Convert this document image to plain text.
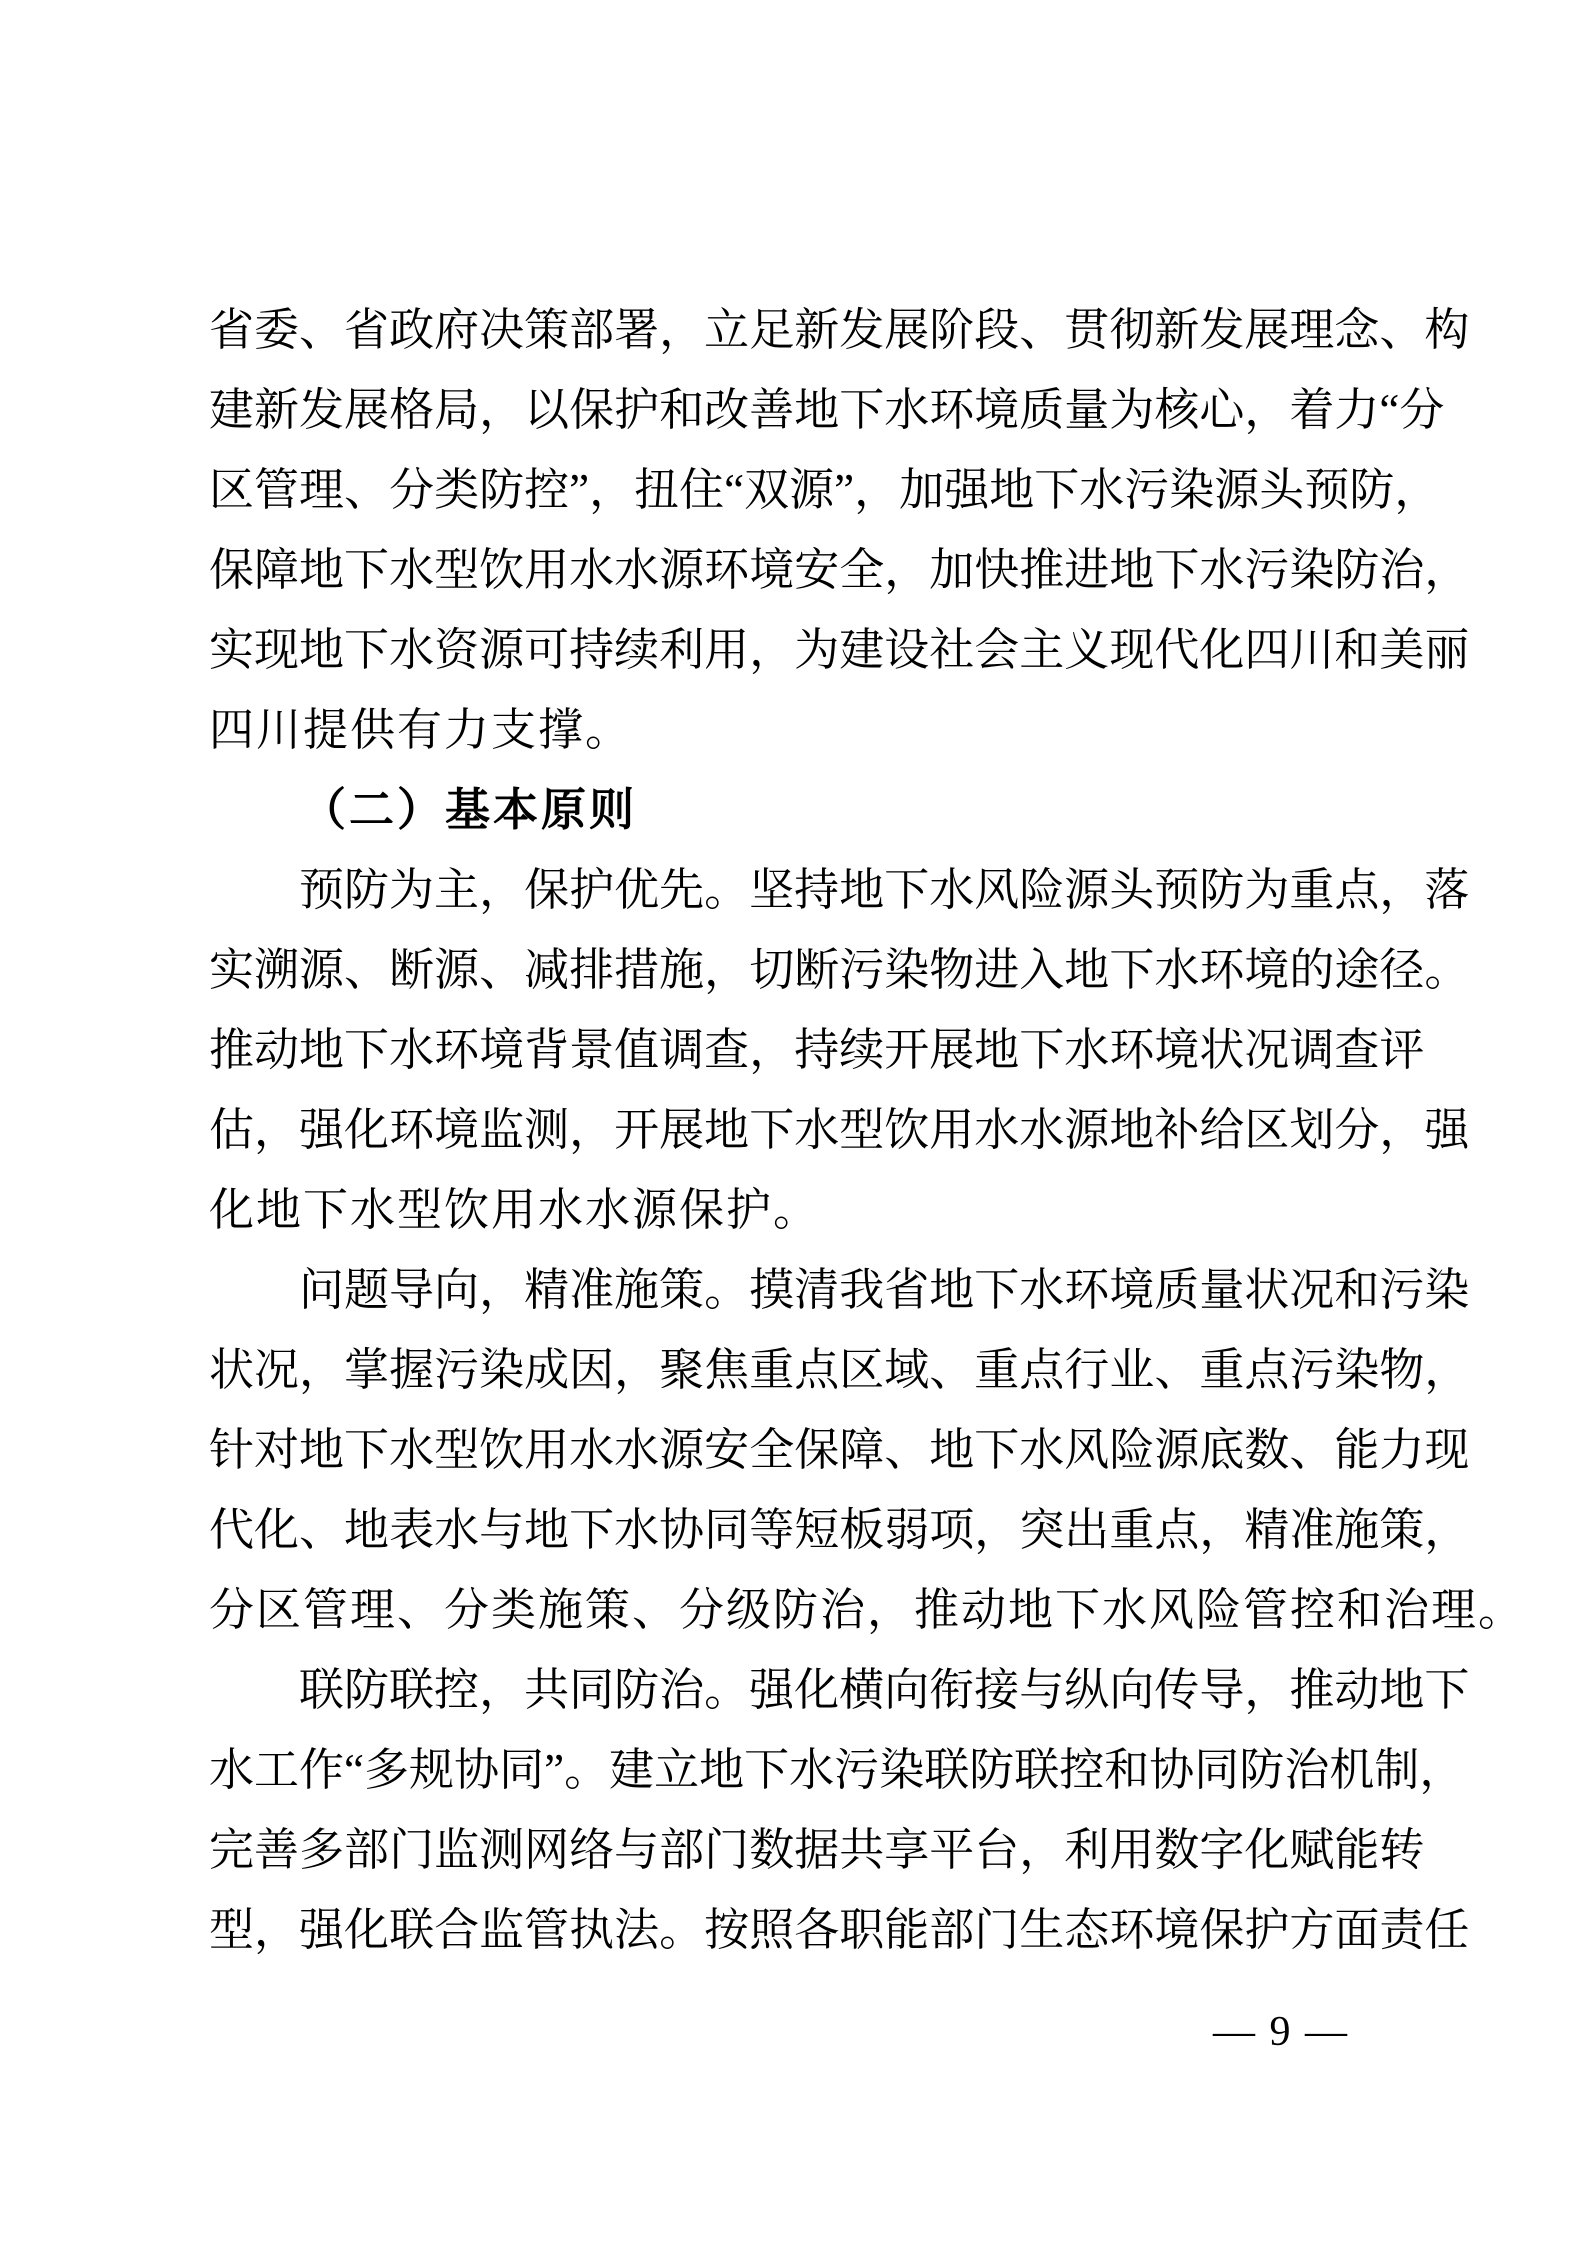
省 委 、 省 政 府 决 策 部 署 ， 立 足 新 发 展 阶 段 、 贯 彻 新 发 展 理 念 、 构
建 新 发 展 格 局 ， 以 保 护 和 改 善 地 下 水 环 境 质 量 为 核 心 ， 着 力 “ 分
区 管 理 、 分 类 防 控 ” ， 扭 住 “ 双 源 ” ， 加 强 地 下 水 污 染 源 头 预 防 ，
保 障 地 下 水 型 饮 用 水 水 源 环 境 安 全 ， 加 快 推 进 地 下 水 污 染 防 治 ，
实 现 地 下 水 资 源 可 持 续 利 用 ， 为 建 设 社 会 主 义 现 代 化 四 川 和 美 丽
四川提供有力支撑。
（二）基本原则
预 防 为 主 ， 保 护 优 先 。 坚 持 地 下 水 风 险 源 头 预 防 为 重 点 ， 落
实 溯 源 、 断 源 、 减 排 措 施 ， 切 断 污 染 物 进 入 地 下 水 环 境 的 途 径 。
推 动 地 下 水 环 境 背 景 值 调 查 ， 持 续 开 展 地 下 水 环 境 状 况 调 查 评
估 ， 强 化 环 境 监 测 ， 开 展 地 下 水 型 饮 用 水 水 源 地 补 给 区 划 分 ， 强
化地下水型饮用水水源保护。
问 题 导 向 ， 精 准 施 策 。 摸 清 我 省 地 下 水 环 境 质 量 状 况 和 污 染
状 况 ， 掌 握 污 染 成 因 ， 聚 焦 重 点 区 域 、 重 点 行 业 、 重 点 污 染 物 ，
针 对 地 下 水 型 饮 用 水 水 源 安 全 保 障 、 地 下 水 风 险 源 底 数 、 能 力 现
代 化 、 地 表 水 与 地 下 水 协 同 等 短 板 弱 项 ， 突 出 重 点 ， 精 准 施 策 ，
分区管理、分类施策、分级防治，推动地下水风险管控和治理。
联 防 联 控 ， 共 同 防 治 。 强 化 横 向 衔 接 与 纵 向 传 导 ， 推 动 地 下
水 工 作 “ 多 规 协 同 ” 。 建 立 地 下 水 污 染 联 防 联 控 和 协 同 防 治 机 制 ，
完 善 多 部 门 监 测 网 络 与 部 门 数 据 共 享 平 台 ， 利 用 数 字 化 赋 能 转
型 ， 强 化 联 合 监 管 执 法 。 按 照 各 职 能 部 门 生 态 环 境 保 护 方 面 责 任
— 9 —
